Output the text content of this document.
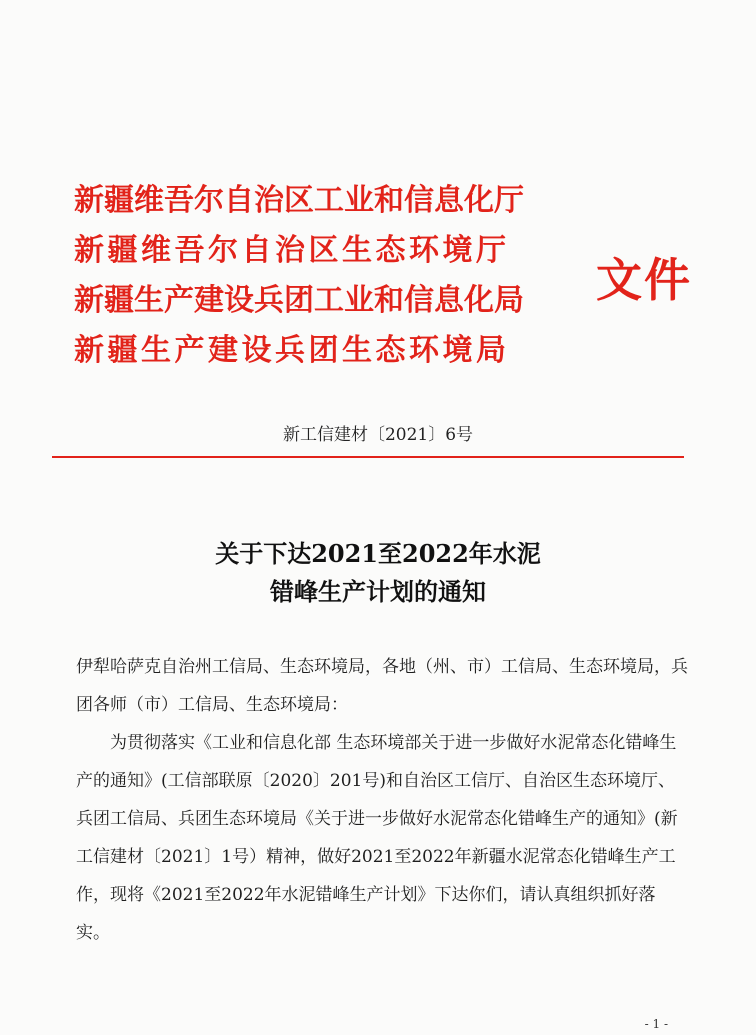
新疆维吾尔自治区工业和信息化厅
新疆维吾尔自治区生态环境厅
新疆生产建设兵团工业和信息化局
新疆生产建设兵团生态环境局
文件
新工信建材〔2021〕6号
关于下达2021至2022年水泥
错峰生产计划的通知

伊犁哈萨克自治州工信局、生态环境局，各地（州、市）工信局、生态环境局，兵团各师（市）工信局、生态环境局：

为贯彻落实《工业和信息化部 生态环境部关于进一步做好水泥常态化错峰生产的通知》(工信部联原〔2020〕201号)和自治区工信厅、自治区生态环境厅、兵团工信局、兵团生态环境局《关于进一步做好水泥常态化错峰生产的通知》(新工信建材〔2021〕1号）精神，做好2021至2022年新疆水泥常态化错峰生产工作，现将《2021至2022年水泥错峰生产计划》下达你们，请认真组织抓好落实。

- 1 -
